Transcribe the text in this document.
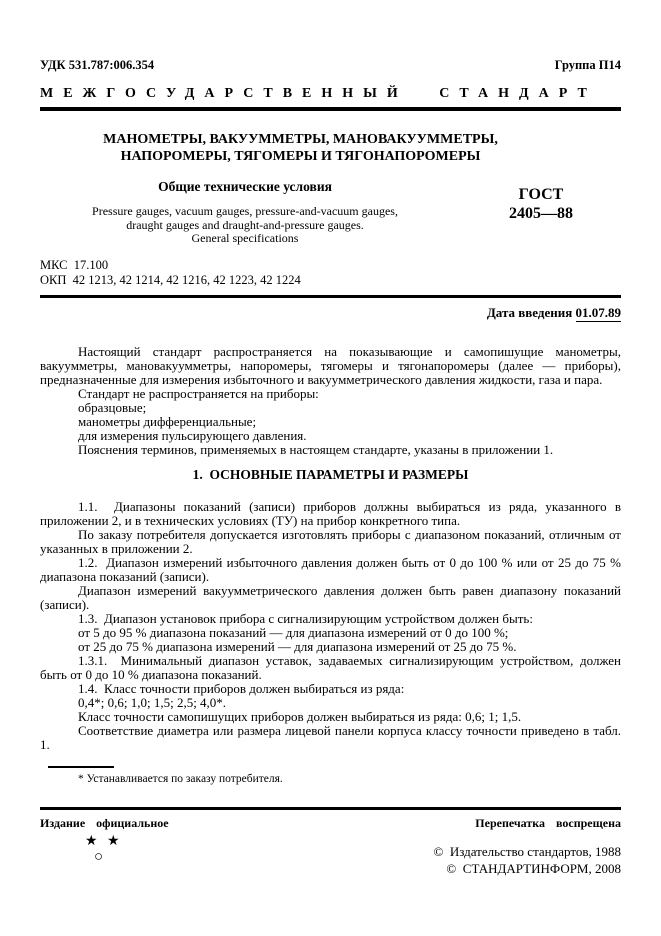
УДК 531.787:006.354	Группа П14
МЕЖГОСУДАРСТВЕННЫЙ СТАНДАРТ
МАНОМЕТРЫ, ВАКУУММЕТРЫ, МАНОВАКУУММЕТРЫ,
НАПОРОМЕРЫ, ТЯГОМЕРЫ И ТЯГОНАПОРОМЕРЫ
Общие технические условия
Pressure gauges, vacuum gauges, pressure-and-vacuum gauges,
draught gauges and draught-and-pressure gauges.
General specifications
ГОСТ
2405—88
МКС  17.100
ОКП  42 1213, 42 1214, 42 1216, 42 1223, 42 1224
Дата введения 01.07.89

Настоящий стандарт распространяется на показывающие и самопишущие манометры, вакуумметры, мановакуумметры, напоромеры, тягомеры и тягонапоромеры (далее — приборы), предназначенные для измерения избыточного и вакуумметрического давления жидкости, газа и пара.

Стандарт не распространяется на приборы:

образцовые;

манометры дифференциальные;

для измерения пульсирующего давления.

Пояснения терминов, применяемых в настоящем стандарте, указаны в приложении 1.

1.  ОСНОВНЫЕ ПАРАМЕТРЫ И РАЗМЕРЫ

1.1.  Диапазоны показаний (записи) приборов должны выбираться из ряда, указанного в приложении 2, и в технических условиях (ТУ) на прибор конкретного типа.

По заказу потребителя допускается изготовлять приборы с диапазоном показаний, отличным от указанных в приложении 2.

1.2.  Диапазон измерений избыточного давления должен быть от 0 до 100 % или от 25 до 75 % диапазона показаний (записи).

Диапазон измерений вакуумметрического давления должен быть равен диапазону показаний (записи).

1.3.  Диапазон установок прибора с сигнализирующим устройством должен быть:

от 5 до 95 % диапазона показаний — для диапазона измерений от 0 до 100 %;

от 25 до 75 % диапазона измерений — для диапазона измерений от 25 до 75 %.

1.3.1.  Минимальный диапазон уставок, задаваемых сигнализирующим устройством, должен быть от 0 до 10 % диапазона показаний.

1.4.  Класс точности приборов должен выбираться из ряда:

0,4*; 0,6; 1,0; 1,5; 2,5; 4,0*.

Класс точности самопишущих приборов должен выбираться из ряда: 0,6; 1; 1,5.

Соответствие диаметра или размера лицевой панели корпуса классу точности приведено в табл. 1.

* Устанавливается по заказу потребителя.
Издание официальное	Перепечатка воспрещена
★ ★
○	©  Издательство стандартов, 1988
©  СТАНДАРТИНФОРМ, 2008
